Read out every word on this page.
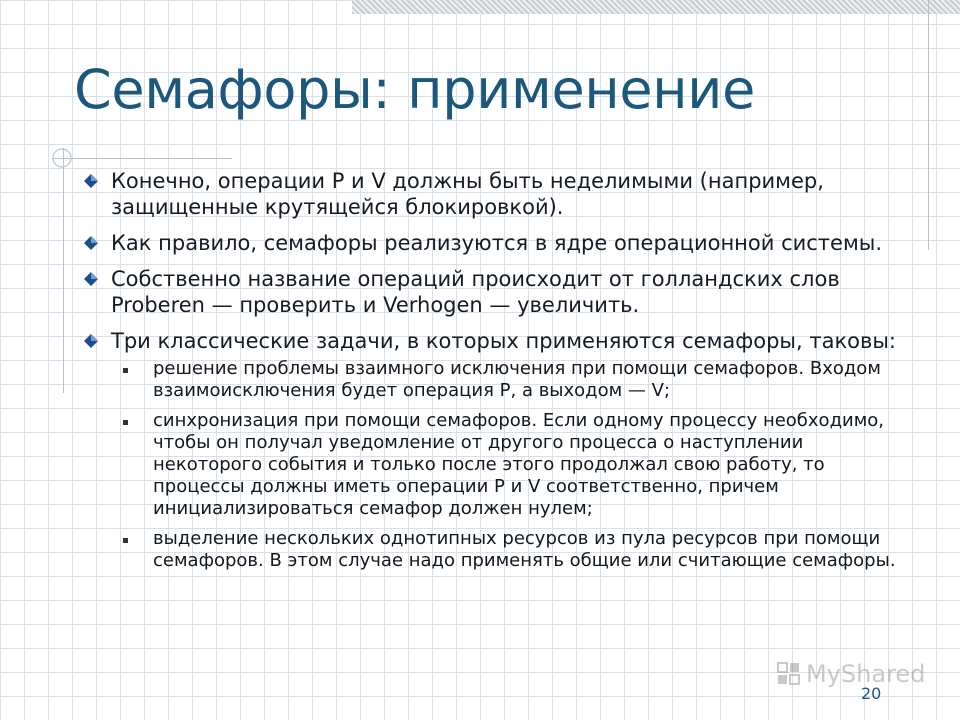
Семафоры: применение
Конечно, операции P и V должны быть неделимыми (например, защищенные крутящейся блокировкой).
Как правило, семафоры реализуются в ядре операционной системы.
Собственно название операций происходит от голландских слов Proberen — проверить и Verhogen — увеличить.
Три классические задачи, в которых применяются семафоры, таковы:
решение проблемы взаимного исключения при помощи семафоров. Входом взаимоисключения будет операция P, а выходом — V;
синхронизация при помощи семафоров. Если одному процессу необходимо, чтобы он получал уведомление от другого процесса о наступлении некоторого события и только после этого продолжал свою работу, то процессы должны иметь операции P и V соответственно, причем инициализироваться семафор должен нулем;
выделение нескольких однотипных ресурсов из пула ресурсов при помощи семафоров. В этом случае надо применять общие или считающие семафоры.
MyShared
20
